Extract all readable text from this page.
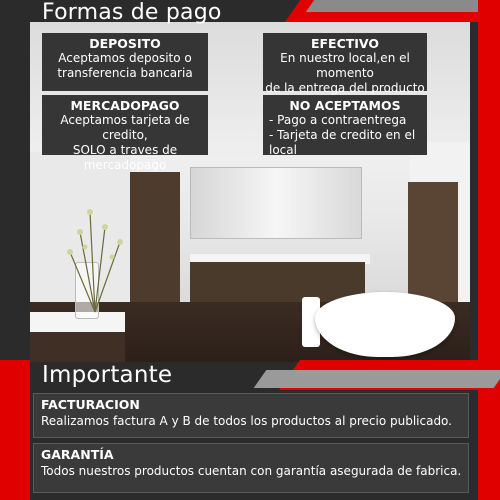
Formas de pago
DEPOSITO
Aceptamos deposito o
transferencia bancaria
EFECTIVO
En nuestro local,en el momento
de la entrega del producto
MERCADOPAGO
Aceptamos tarjeta de credito,
SOLO a traves de mercadopago
NO ACEPTAMOS
- Pago a contraentrega
- Tarjeta de credito en el local
Importante
FACTURACION
Realizamos factura A y B de todos los productos al precio publicado.
GARANTÍA
Todos nuestros productos cuentan con garantía asegurada de fabrica.
